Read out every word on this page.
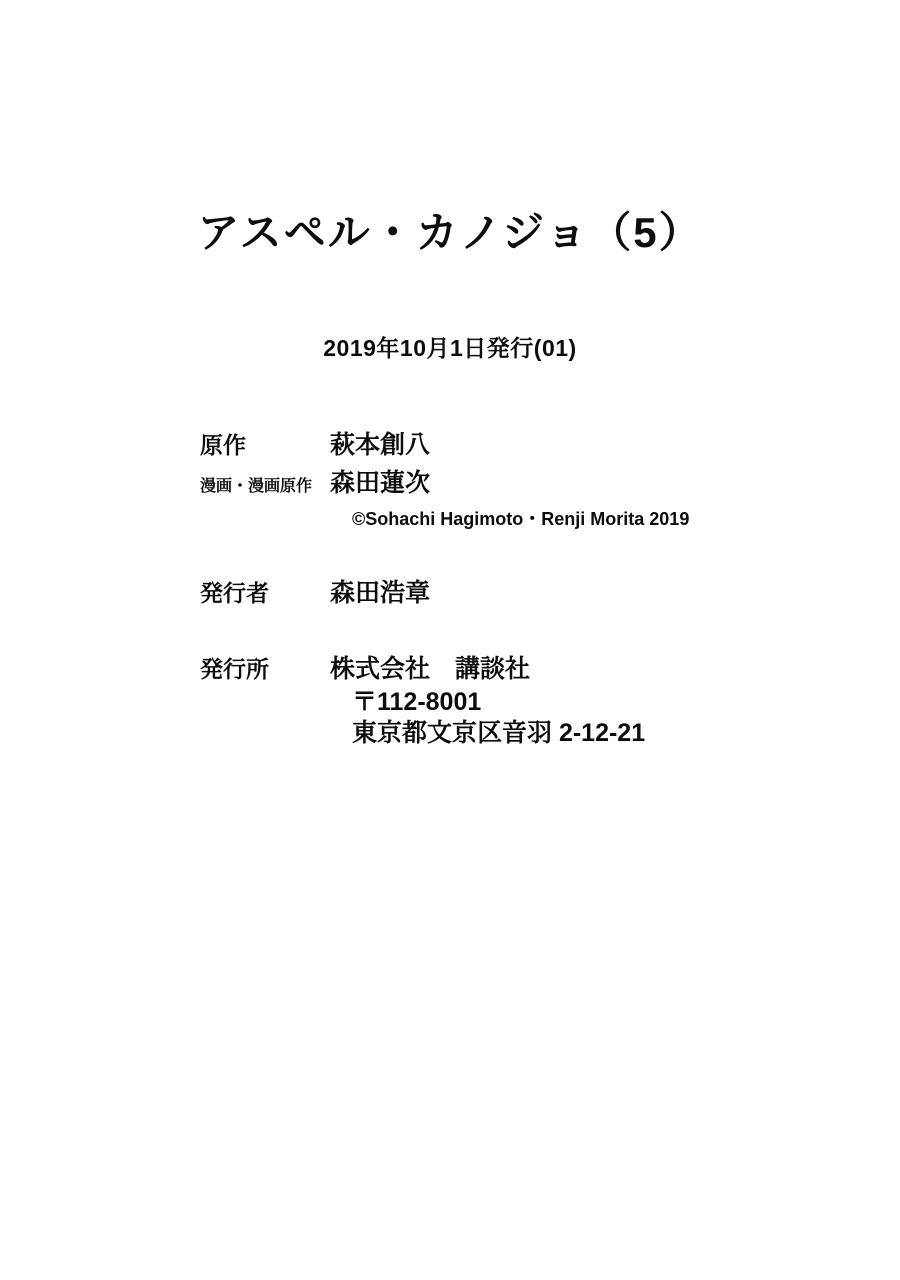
アスペル・カノジョ（5）
2019年10月1日発行(01)
原作	萩本創八
漫画・漫画原作 森田蓮次
©Sohachi Hagimoto・Renji Morita 2019
発行者	森田浩章
発行所	株式会社　講談社
〒112-8001
東京都文京区音羽 2-12-21
